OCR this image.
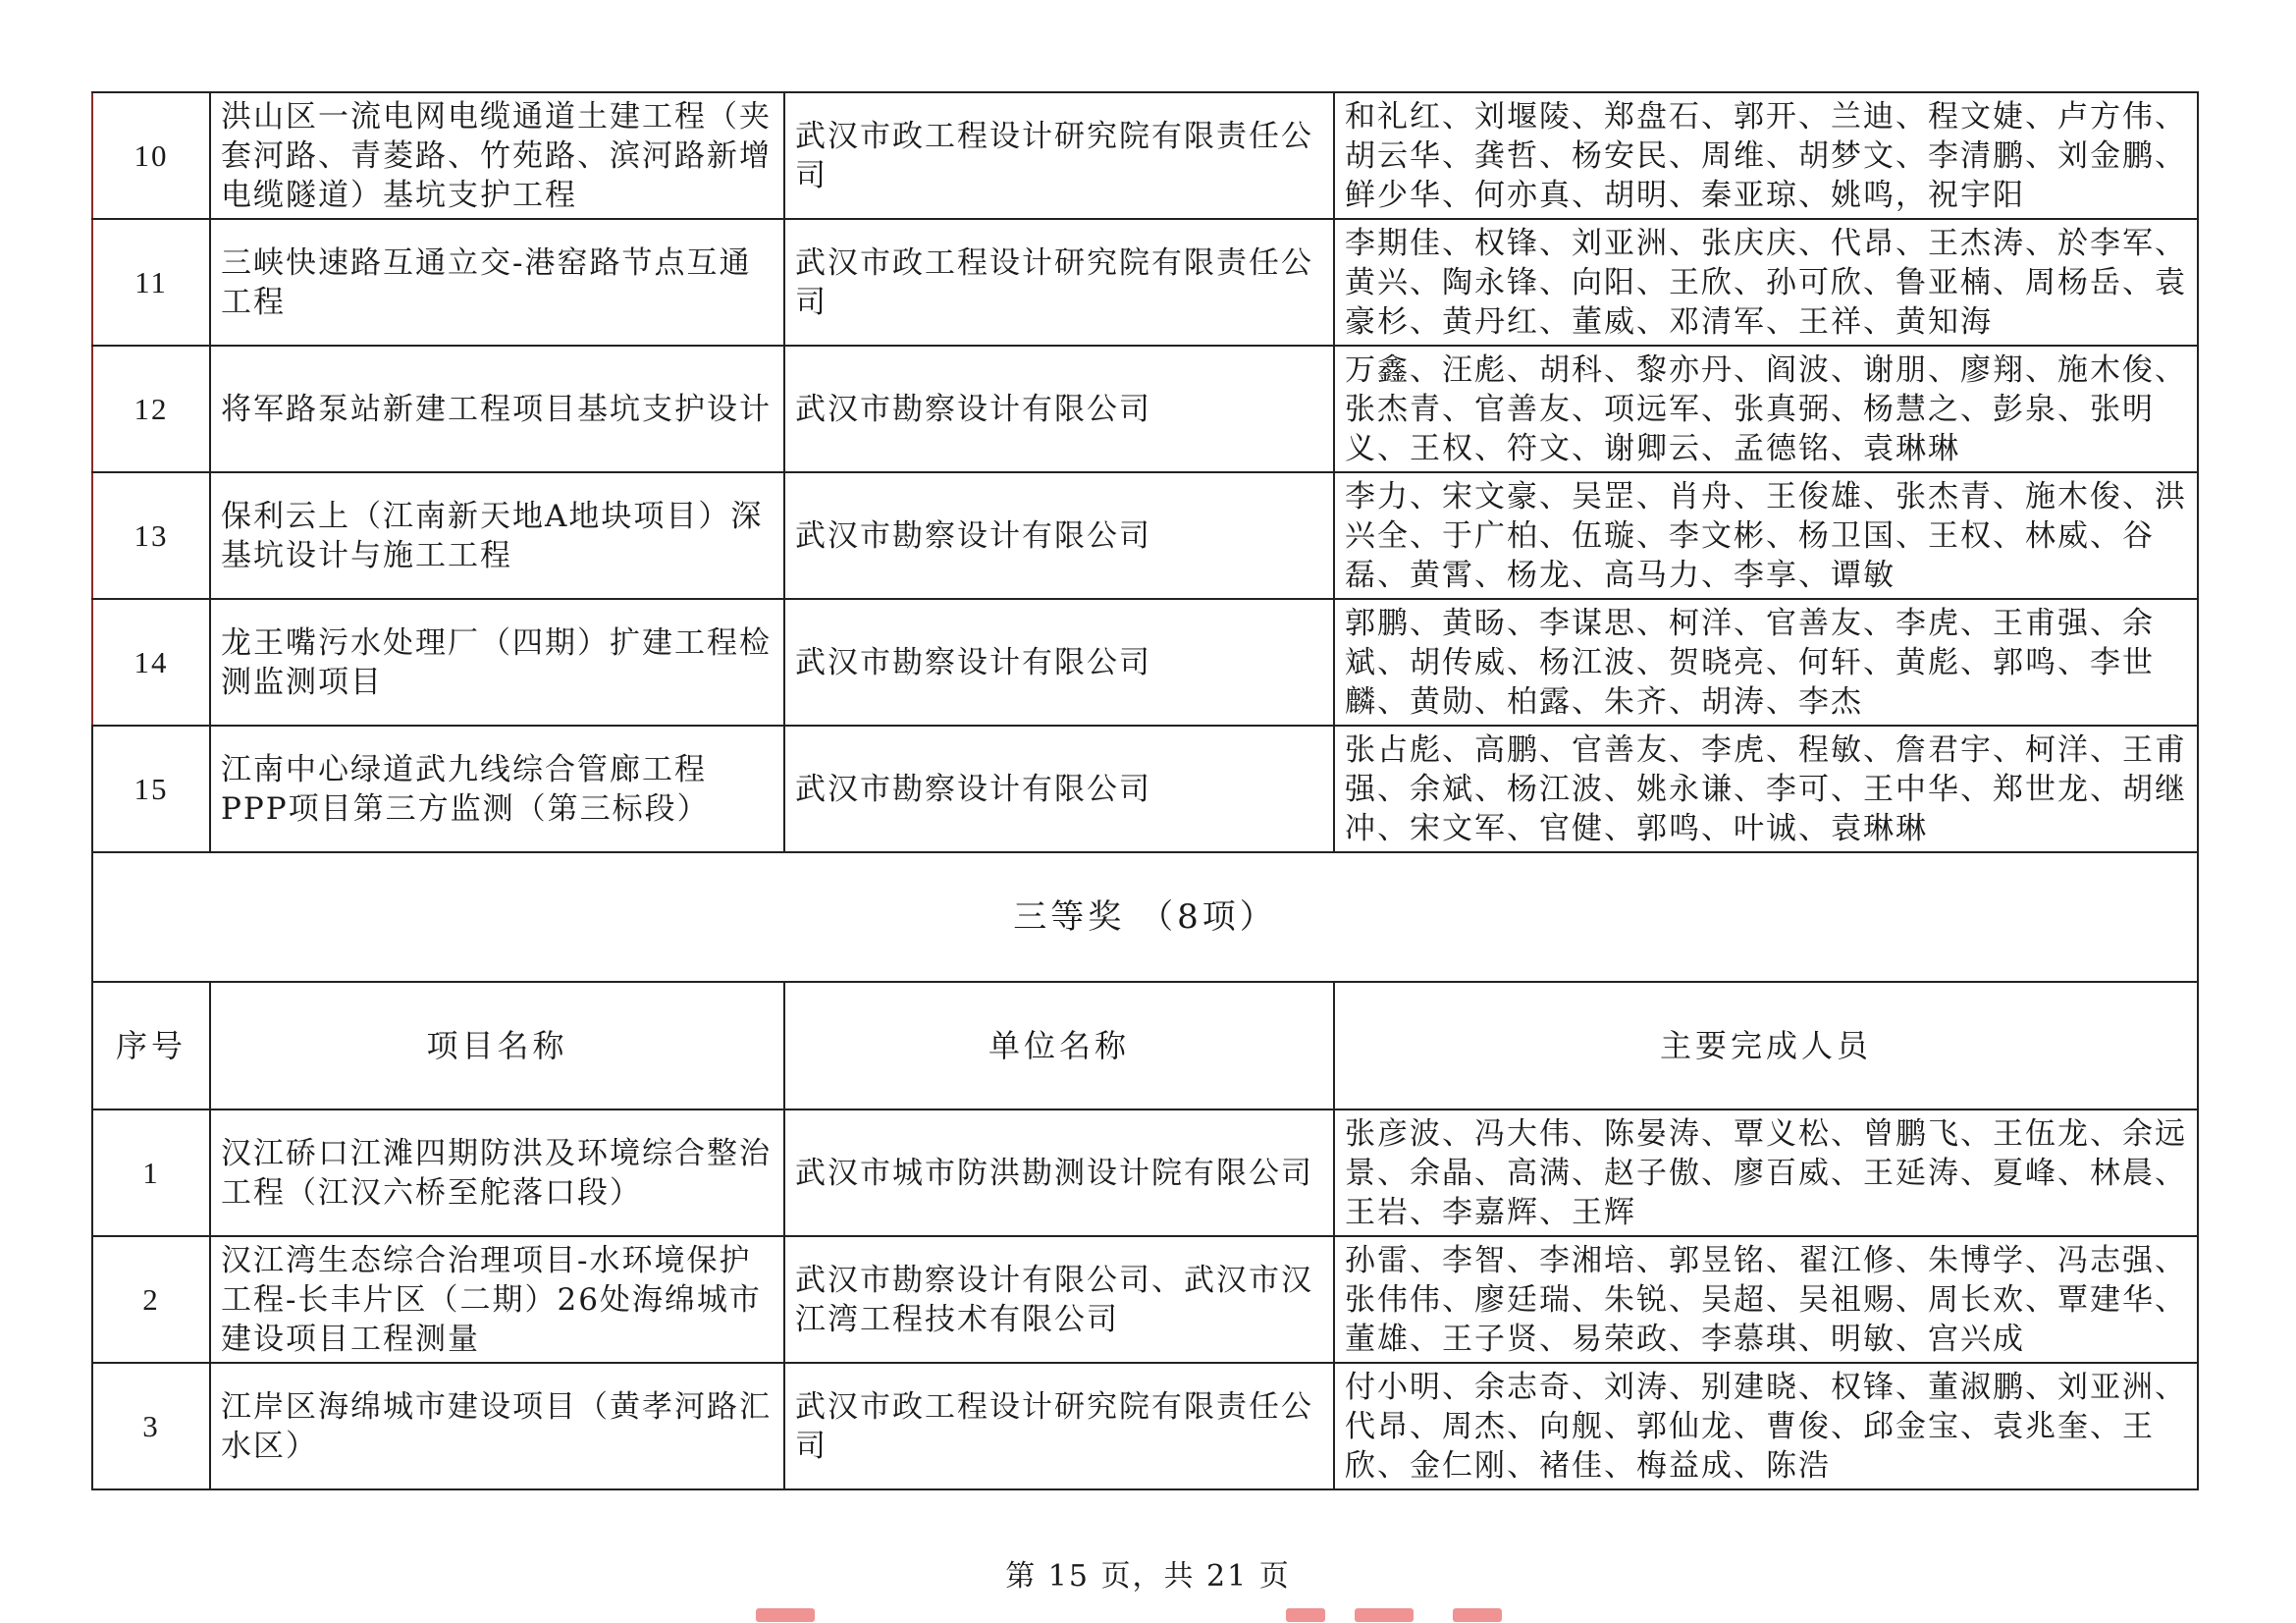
10	洪山区一流电网电缆通道土建工程（夹套河路、青菱路、竹苑路、滨河路新增电缆隧道）基坑支护工程	武汉市政工程设计研究院有限责任公司	和礼红、刘堰陵、郑盘石、郭开、兰迪、程文婕、卢方伟、胡云华、龚哲、杨安民、周维、胡梦文、李清鹏、刘金鹏、鲜少华、何亦真、胡明、秦亚琼、姚鸣，祝宇阳
11	三峡快速路互通立交-港窑路节点互通工程	武汉市政工程设计研究院有限责任公司	李期佳、权锋、刘亚洲、张庆庆、代昂、王杰涛、於李军、黄兴、陶永锋、向阳、王欣、孙可欣、鲁亚楠、周杨岳、袁豪杉、黄丹红、董威、邓清军、王祥、黄知海
12	将军路泵站新建工程项目基坑支护设计	武汉市勘察设计有限公司	万鑫、汪彪、胡科、黎亦丹、阎波、谢朋、廖翔、施木俊、张杰青、官善友、项远军、张真弼、杨慧之、彭泉、张明义、王权、符文、谢卿云、孟德铭、袁琳琳
13	保利云上（江南新天地A地块项目）深基坑设计与施工工程	武汉市勘察设计有限公司	李力、宋文豪、吴罡、肖舟、王俊雄、张杰青、施木俊、洪兴全、于广柏、伍璇、李文彬、杨卫国、王权、林威、谷磊、黄霄、杨龙、高马力、李享、谭敏
14	龙王嘴污水处理厂（四期）扩建工程检测监测项目	武汉市勘察设计有限公司	郭鹏、黄旸、李谋思、柯洋、官善友、李虎、王甫强、余斌、胡传威、杨江波、贺晓亮、何轩、黄彪、郭鸣、李世麟、黄勋、柏露、朱齐、胡涛、李杰
15	江南中心绿道武九线综合管廊工程PPP项目第三方监测（第三标段）	武汉市勘察设计有限公司	张占彪、高鹏、官善友、李虎、程敏、詹君宇、柯洋、王甫强、余斌、杨江波、姚永谦、李可、王中华、郑世龙、胡继冲、宋文军、官健、郭鸣、叶诚、袁琳琳
三等奖 （8项）			
序号	项目名称	单位名称	主要完成人员
1	汉江硚口江滩四期防洪及环境综合整治工程（江汉六桥至舵落口段）	武汉市城市防洪勘测设计院有限公司	张彦波、冯大伟、陈晏涛、覃义松、曾鹏飞、王伍龙、余远景、余晶、高满、赵子傲、廖百威、王延涛、夏峰、林晨、王岩、李嘉辉、王辉
2	汉江湾生态综合治理项目-水环境保护工程-长丰片区（二期）26处海绵城市建设项目工程测量	武汉市勘察设计有限公司、武汉市汉江湾工程技术有限公司	孙雷、李智、李湘培、郭昱铭、翟江修、朱博学、冯志强、张伟伟、廖廷瑞、朱锐、吴超、吴祖赐、周长欢、覃建华、董雄、王子贤、易荣政、李慕琪、明敏、宫兴成
3	江岸区海绵城市建设项目（黄孝河路汇水区）	武汉市政工程设计研究院有限责任公司	付小明、余志奇、刘涛、别建晓、权锋、董淑鹏、刘亚洲、代昂、周杰、向舰、郭仙龙、曹俊、邱金宝、袁兆奎、王欣、金仁刚、褚佳、梅益成、陈浩
第 15 页，共 21 页
